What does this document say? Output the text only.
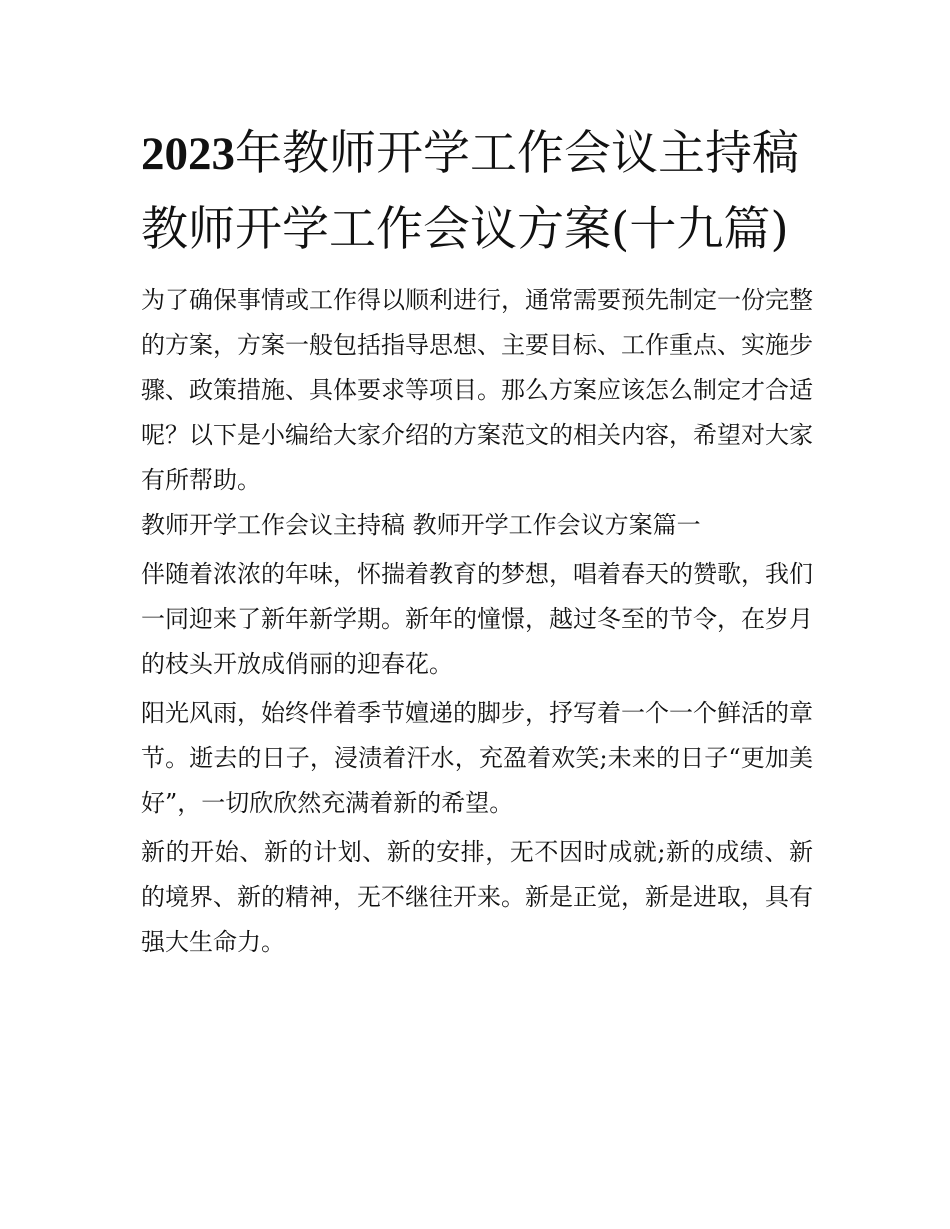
2023年教师开学工作会议主持稿 教师开学工作会议方案(十九篇)

为了确保事情或工作得以顺利进行，通常需要预先制定一份完整的方案，方案一般包括指导思想、主要目标、工作重点、实施步骤、政策措施、具体要求等项目。那么方案应该怎么制定才合适呢？以下是小编给大家介绍的方案范文的相关内容，希望对大家有所帮助。

教师开学工作会议主持稿 教师开学工作会议方案篇一

伴随着浓浓的年味，怀揣着教育的梦想，唱着春天的赞歌，我们一同迎来了新年新学期。新年的憧憬，越过冬至的节令，在岁月的枝头开放成俏丽的迎春花。

阳光风雨，始终伴着季节嬗递的脚步，抒写着一个一个鲜活的章节。逝去的日子，浸渍着汗水，充盈着欢笑;未来的日子“更加美好”，一切欣欣然充满着新的希望。

新的开始、新的计划、新的安排，无不因时成就;新的成绩、新的境界、新的精神，无不继往开来。新是正觉，新是进取，具有强大生命力。
